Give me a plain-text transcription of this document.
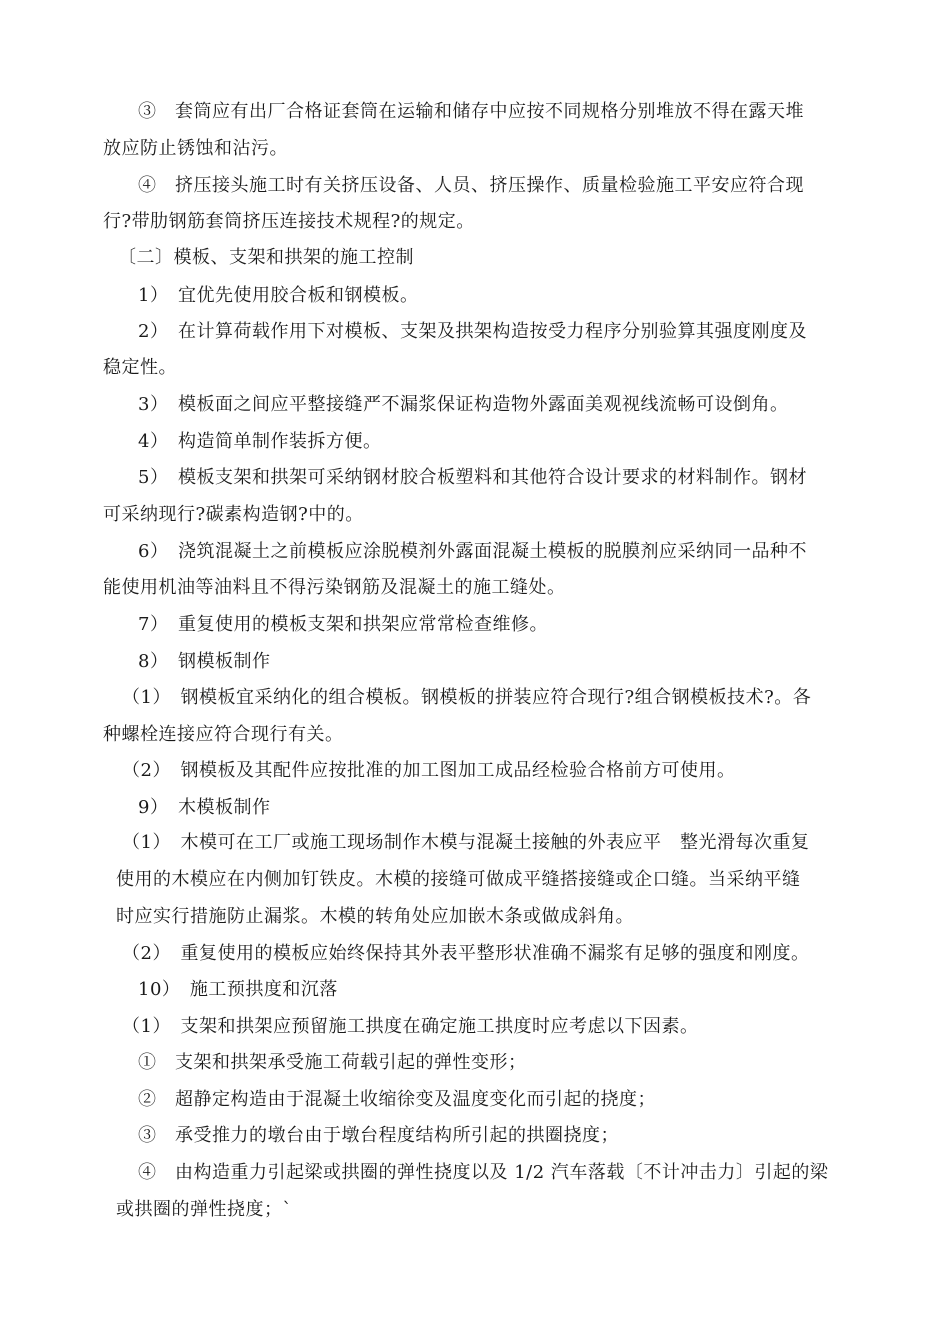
③　套筒应有出厂合格证套筒在运输和储存中应按不同规格分别堆放不得在露天堆
放应防止锈蚀和沾污。
④　挤压接头施工时有关挤压设备、人员、挤压操作、质量检验施工平安应符合现
行?带肋钢筋套筒挤压连接技术规程?的规定。
〔二〕模板、支架和拱架的施工控制
1）　宜优先使用胶合板和钢模板。
2）　在计算荷载作用下对模板、支架及拱架构造按受力程序分别验算其强度刚度及
稳定性。
3）　模板面之间应平整接缝严不漏浆保证构造物外露面美观视线流畅可设倒角。
4）　构造简单制作装拆方便。
5）　模板支架和拱架可采纳钢材胶合板塑料和其他符合设计要求的材料制作。钢材
可采纳现行?碳素构造钢?中的。
6）　浇筑混凝土之前模板应涂脱模剂外露面混凝土模板的脱膜剂应采纳同一品种不
能使用机油等油料且不得污染钢筋及混凝土的施工缝处。
7）　重复使用的模板支架和拱架应常常检查维修。
8）　钢模板制作
（1）　钢模板宜采纳化的组合模板。钢模板的拼装应符合现行?组合钢模板技术?。各
种螺栓连接应符合现行有关。
（2）　钢模板及其配件应按批准的加工图加工成品经检验合格前方可使用。
9）　木模板制作
（1）　木模可在工厂或施工现场制作木模与混凝土接触的外表应平　整光滑每次重复
使用的木模应在内侧加钉铁皮。木模的接缝可做成平缝搭接缝或企口缝。当采纳平缝
时应实行措施防止漏浆。木模的转角处应加嵌木条或做成斜角。
（2）　重复使用的模板应始终保持其外表平整形状准确不漏浆有足够的强度和刚度。
10）　施工预拱度和沉落
（1）　支架和拱架应预留施工拱度在确定施工拱度时应考虑以下因素。
①　支架和拱架承受施工荷载引起的弹性变形；
②　超静定构造由于混凝土收缩徐变及温度变化而引起的挠度；
③　承受推力的墩台由于墩台程度结构所引起的拱圈挠度；
④　由构造重力引起梁或拱圈的弹性挠度以及 1/2 汽车落载〔不计冲击力〕引起的梁
或拱圈的弹性挠度；`
